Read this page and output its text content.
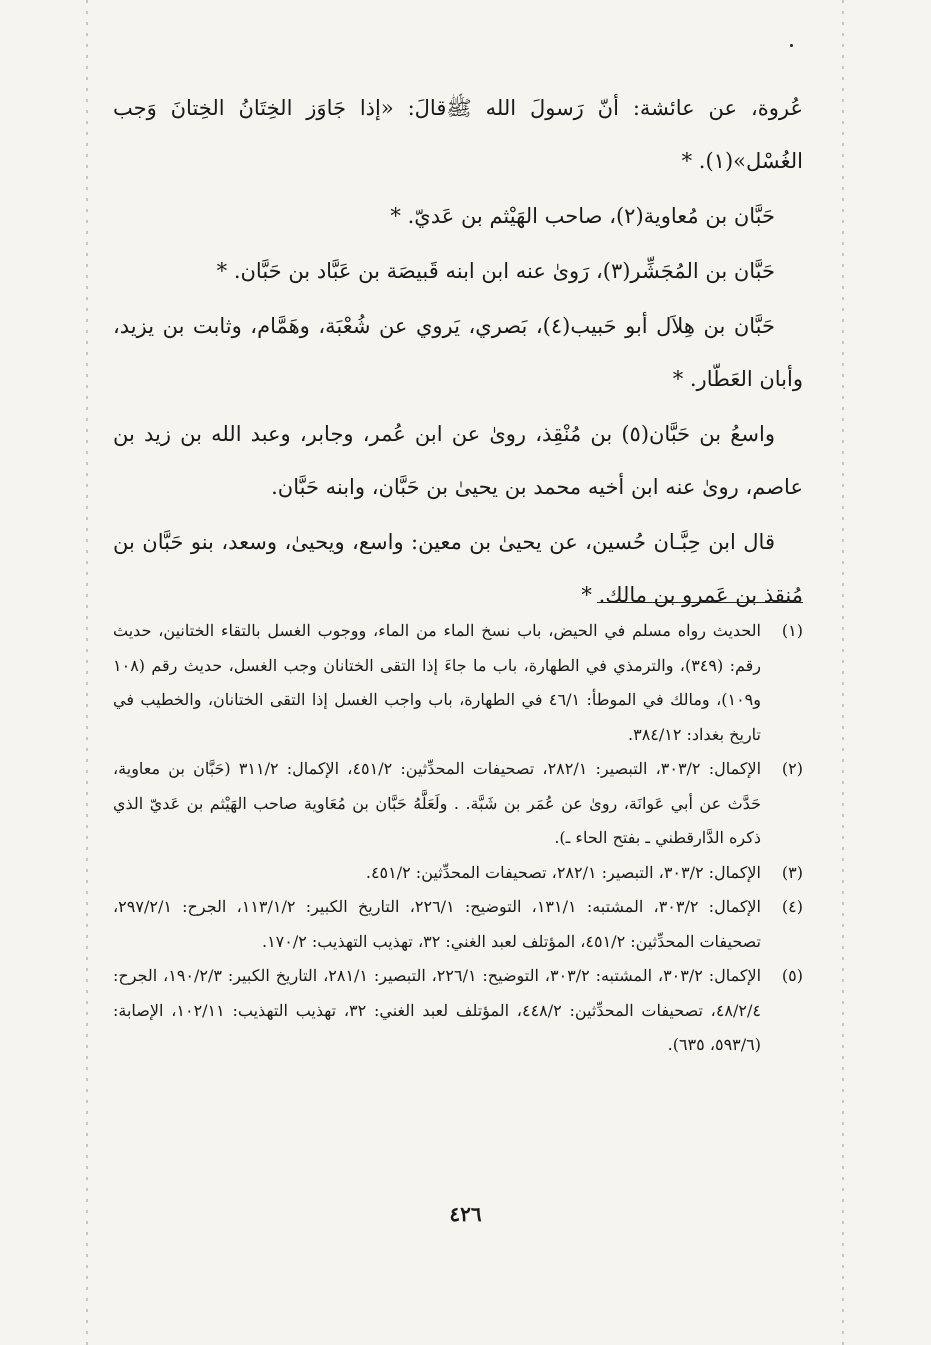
عُروة، عن عائشة: أنّ رَسولَ الله ﷺقالَ: «إذا جَاوَز الخِتَانُ الخِتانَ وَجب الغُسْل»(١). *

حَبَّان بن مُعاوية(٢)، صاحب الهَيْثم بن عَديّ. *

حَبَّان بن المُجَشِّر(٣)، رَوىٰ عنه ابن ابنه قَبيصَة بن عَبَّاد بن حَبَّان. *

حَبَّان بن هِلاَل أبو حَبيب(٤)، بَصري، يَروي عن شُعْبَة، وهَمَّام، وثابت بن يزيد، وأبان العَطّار. *

واسعُ بن حَبَّان(٥) بن مُنْقِذ، روىٰ عن ابن عُمر، وجابر، وعبد الله بن زيد بن عاصم، روىٰ عنه ابن أخيه محمد بن يحيىٰ بن حَبَّان، وابنه حَبَّان.

قال ابن حِبَّـان حُسين، عن يحيىٰ بن معين: واسع، ويحيىٰ، وسعد، بنو حَبَّان بن مُنقذ بن عَمرو بن مالك. *

(١)
الحديث رواه مسلم في الحيض، باب نسخ الماء من الماء، ووجوب الغسل بالتقاء الختانين، حديث رقم: (٣٤٩)، والترمذي في الطهارة، باب ما جاءَ إذا التقى الختانان وجب الغسل، حديث رقم (١٠٨ و١٠٩)، ومالك في الموطأ: ٤٦/١ في الطهارة، باب واجب الغسل إذا التقى الختانان، والخطيب في تاريخ بغداد: ٣٨٤/١٢.
(٢)
الإكمال: ٣٠٣/٢، التبصير: ٢٨٢/١، تصحيفات المحدِّثين: ٤٥١/٢، الإكمال: ٣١١/٢ (حَبَّان بن معاوية، حَدَّث عن أبي عَوانَة، روىٰ عن عُمَر بن شَبَّة. . ولَعَلَّهُ حَبَّان بن مُعَاوية صاحب الهَيْثم بن عَديّ الذي ذكره الدَّارقطني ـ بفتح الحاء ـ).
(٣)
الإكمال: ٣٠٣/٢، التبصير: ٢٨٢/١، تصحيفات المحدِّثين: ٤٥١/٢.
(٤)
الإكمال: ٣٠٣/٢، المشتبه: ١٣١/١، التوضيح: ٢٢٦/١، التاريخ الكبير: ١١٣/١/٢، الجرح: ٢٩٧/٢/١، تصحيفات المحدِّثين: ٤٥١/٢، المؤتلف لعبد الغني: ٣٢، تهذيب التهذيب: ١٧٠/٢.
(٥)
الإكمال: ٣٠٣/٢، المشتبه: ٣٠٣/٢، التوضيح: ٢٢٦/١، التبصير: ٢٨١/١، التاريخ الكبير: ١٩٠/٢/٣، الجرح: ٤٨/٢/٤، تصحيفات المحدِّثين: ٤٤٨/٢، المؤتلف لعبد الغني: ٣٢، تهذيب التهذيب: ١٠٢/١١، الإصابة: (٥٩٣/٦، ٦٣٥).
٤٢٦
